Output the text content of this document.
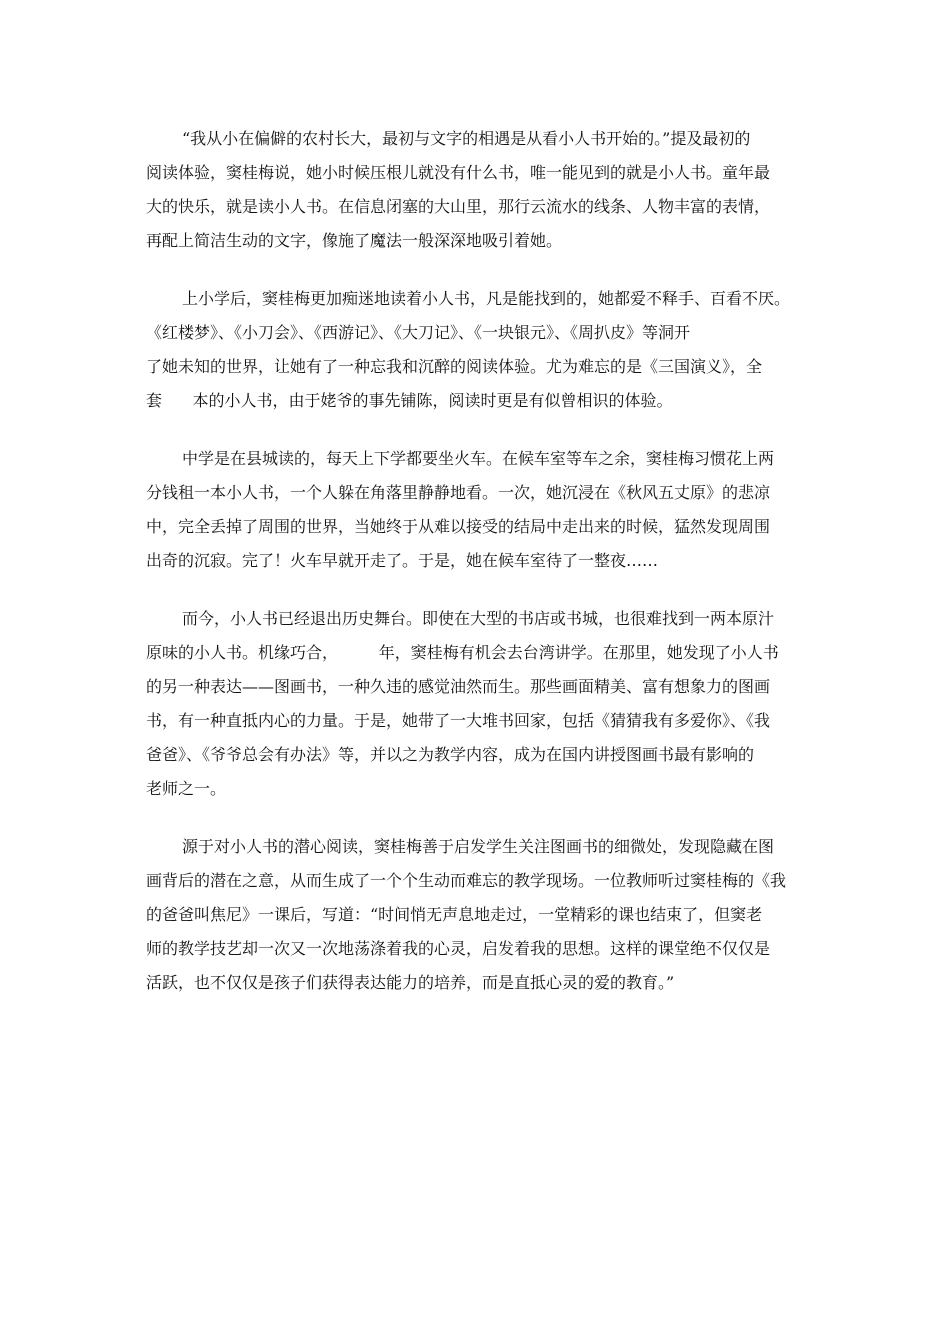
“我从小在偏僻的农村长大，最初与文字的相遇是从看小人书开始的。”提及最初的
阅读体验，窦桂梅说，她小时候压根儿就没有什么书，唯一能见到的就是小人书。童年最
大的快乐，就是读小人书。在信息闭塞的大山里，那行云流水的线条、人物丰富的表情，
再配上简洁生动的文字，像施了魔法一般深深地吸引着她。
上小学后，窦桂梅更加痴迷地读着小人书，凡是能找到的，她都爱不释手、百看不厌。
《红楼梦》、《小刀会》、《西游记》、《大刀记》、《一块银元》、《周扒皮》等洞开
了她未知的世界，让她有了一种忘我和沉醉的阅读体验。尤为难忘的是《三国演义》，全
套      本的小人书，由于姥爷的事先铺陈，阅读时更是有似曾相识的体验。
中学是在县城读的，每天上下学都要坐火车。在候车室等车之余，窦桂梅习惯花上两
分钱租一本小人书，一个人躲在角落里静静地看。一次，她沉浸在《秋风五丈原》的悲凉
中，完全丢掉了周围的世界，当她终于从难以接受的结局中走出来的时候，猛然发现周围
出奇的沉寂。完了！火车早就开走了。于是，她在候车室待了一整夜……
而今，小人书已经退出历史舞台。即使在大型的书店或书城，也很难找到一两本原汁
原味的小人书。机缘巧合，        年，窦桂梅有机会去台湾讲学。在那里，她发现了小人书
的另一种表达——图画书，一种久违的感觉油然而生。那些画面精美、富有想象力的图画
书，有一种直抵内心的力量。于是，她带了一大堆书回家，包括《猜猜我有多爱你》、《我
爸爸》、《爷爷总会有办法》等，并以之为教学内容，成为在国内讲授图画书最有影响的
老师之一。
源于对小人书的潜心阅读，窦桂梅善于启发学生关注图画书的细微处，发现隐藏在图
画背后的潜在之意，从而生成了一个个生动而难忘的教学现场。一位教师听过窦桂梅的《我
的爸爸叫焦尼》一课后，写道：“时间悄无声息地走过，一堂精彩的课也结束了，但窦老
师的教学技艺却一次又一次地荡涤着我的心灵，启发着我的思想。这样的课堂绝不仅仅是
活跃，也不仅仅是孩子们获得表达能力的培养，而是直抵心灵的爱的教育。”
